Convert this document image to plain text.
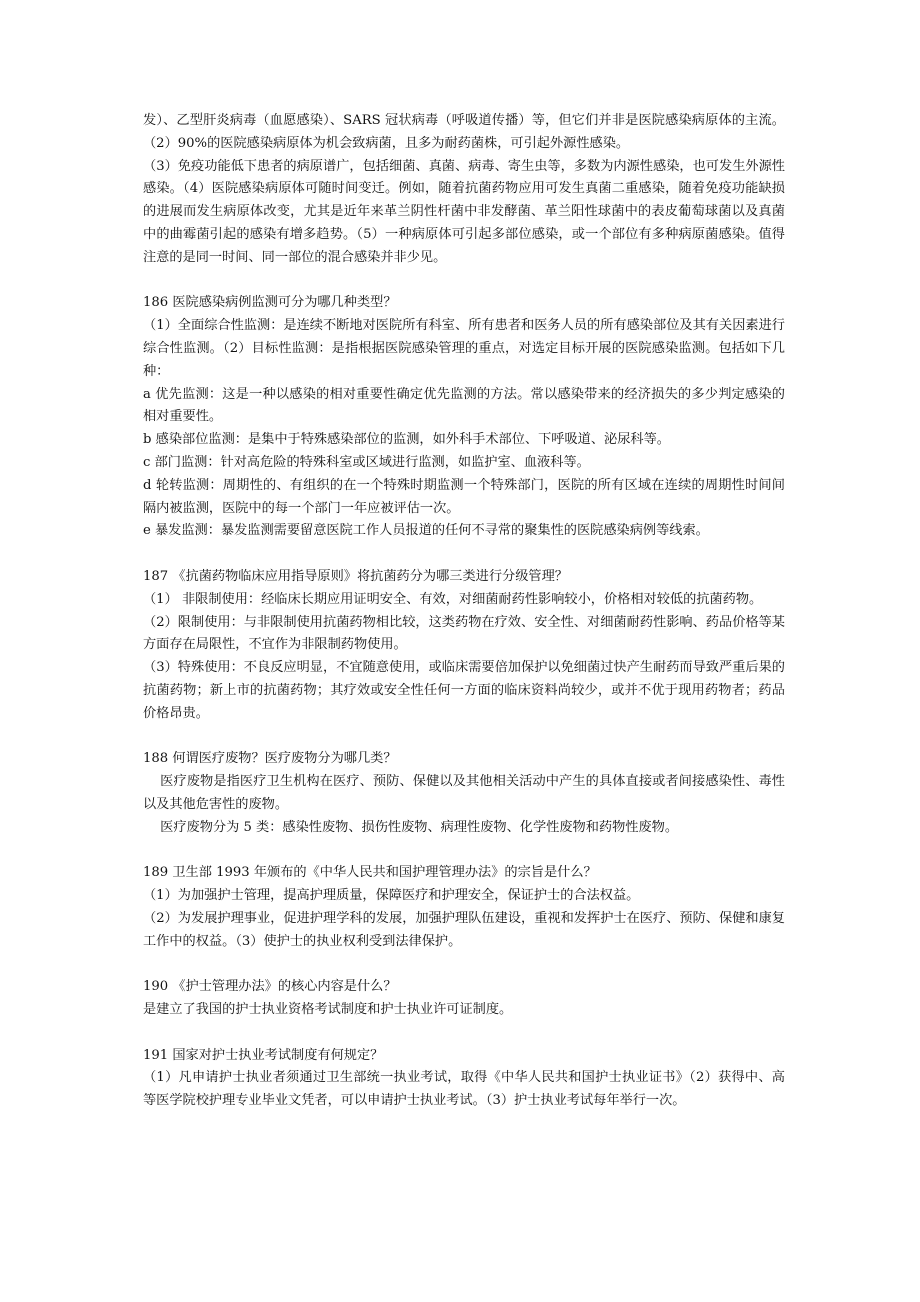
发）、乙型肝炎病毒（血愿感染）、SARS 冠状病毒（呼吸道传播）等，但它们并非是医院感染病原体的主流。（2）90%的医院感染病原体为机会致病菌，且多为耐药菌株，可引起外源性感染。

（3）免疫功能低下患者的病原谱广，包括细菌、真菌、病毒、寄生虫等，多数为内源性感染，也可发生外源性感染。（4）医院感染病原体可随时间变迁。例如，随着抗菌药物应用可发生真菌二重感染，随着免疫功能缺损的进展而发生病原体改变，尤其是近年来革兰阴性杆菌中非发酵菌、革兰阳性球菌中的表皮葡萄球菌以及真菌中的曲霉菌引起的感染有增多趋势。（5）一种病原体可引起多部位感染，或一个部位有多种病原菌感染。值得注意的是同一时间、同一部位的混合感染并非少见。

186 医院感染病例监测可分为哪几种类型？

（1）全面综合性监测：是连续不断地对医院所有科室、所有患者和医务人员的所有感染部位及其有关因素进行综合性监测。（2）目标性监测：是指根据医院感染管理的重点，对选定目标开展的医院感染监测。包括如下几种：

a 优先监测：这是一种以感染的相对重要性确定优先监测的方法。常以感染带来的经济损失的多少判定感染的相对重要性。

b 感染部位监测：是集中于特殊感染部位的监测，如外科手术部位、下呼吸道、泌尿科等。

c 部门监测：针对高危险的特殊科室或区域进行监测，如监护室、血液科等。

d 轮转监测：周期性的、有组织的在一个特殊时期监测一个特殊部门，医院的所有区域在连续的周期性时间间隔内被监测，医院中的每一个部门一年应被评估一次。

e 暴发监测：暴发监测需要留意医院工作人员报道的任何不寻常的聚集性的医院感染病例等线索。

187 《抗菌药物临床应用指导原则》将抗菌药分为哪三类进行分级管理？

（1） 非限制使用：经临床长期应用证明安全、有效，对细菌耐药性影响较小，价格相对较低的抗菌药物。

（2）限制使用：与非限制使用抗菌药物相比较，这类药物在疗效、安全性、对细菌耐药性影响、药品价格等某方面存在局限性，不宜作为非限制药物使用。

（3）特殊使用：不良反应明显，不宜随意使用，或临床需要倍加保护以免细菌过快产生耐药而导致严重后果的抗菌药物；新上市的抗菌药物；其疗效或安全性任何一方面的临床资料尚较少，或并不优于现用药物者；药品价格昂贵。

188 何谓医疗废物？医疗废物分为哪几类？

医疗废物是指医疗卫生机构在医疗、预防、保健以及其他相关活动中产生的具体直接或者间接感染性、毒性以及其他危害性的废物。

医疗废物分为 5 类：感染性废物、损伤性废物、病理性废物、化学性废物和药物性废物。

189 卫生部 1993 年颁布的《中华人民共和国护理管理办法》的宗旨是什么？

（1）为加强护士管理，提高护理质量，保障医疗和护理安全，保证护士的合法权益。

（2）为发展护理事业，促进护理学科的发展，加强护理队伍建设，重视和发挥护士在医疗、预防、保健和康复工作中的权益。（3）使护士的执业权利受到法律保护。

190 《护士管理办法》的核心内容是什么？

是建立了我国的护士执业资格考试制度和护士执业许可证制度。

191 国家对护士执业考试制度有何规定？

（1）凡申请护士执业者须通过卫生部统一执业考试，取得《中华人民共和国护士执业证书》（2）获得中、高等医学院校护理专业毕业文凭者，可以申请护士执业考试。（3）护士执业考试每年举行一次。
